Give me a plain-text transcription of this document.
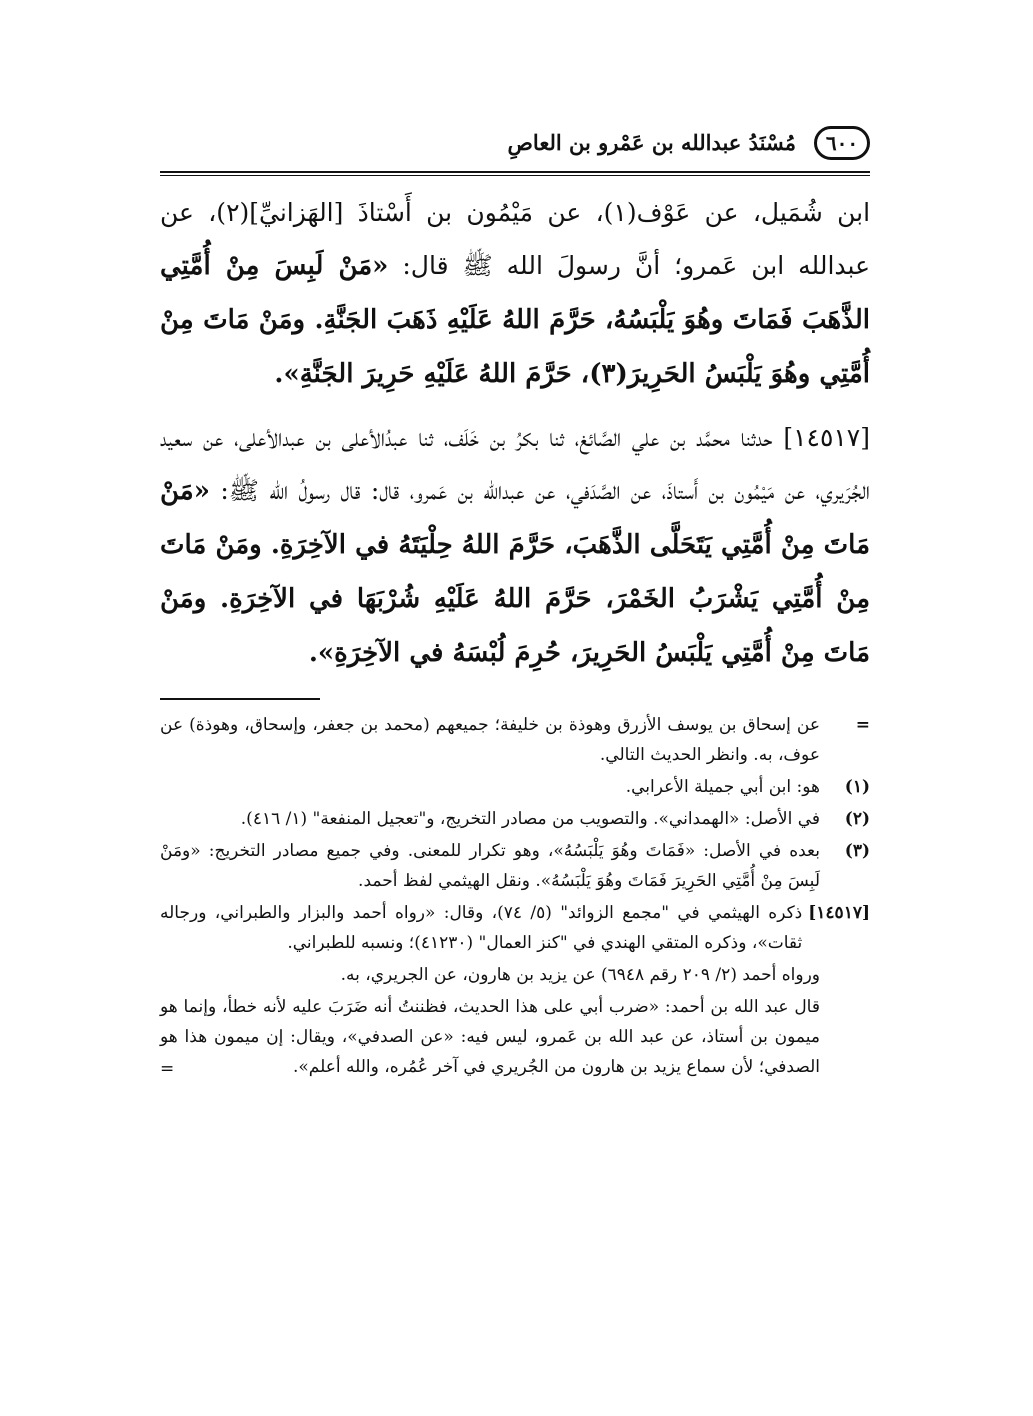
٦٠٠
مُسْنَدُ عبدالله بن عَمْرو بن العاصِ

ابن شُمَيل، عن عَوْف(١)، عن مَيْمُون بن أَسْتاذَ [الهَزانيِّ](٢)، عن عبدالله ابن عَمرو؛ أنَّ رسولَ الله ﷺ قال: «مَنْ لَبِسَ مِنْ أُمَّتِي الذَّهَبَ فَمَاتَ وهُوَ يَلْبَسُهُ، حَرَّمَ اللهُ عَلَيْهِ ذَهَبَ الجَنَّةِ. ومَنْ مَاتَ مِنْ أُمَّتِي وهُوَ يَلْبَسُ الحَرِيرَ(٣)، حَرَّمَ اللهُ عَلَيْهِ حَرِيرَ الجَنَّةِ».

[١٤٥١٧] حدثنا محمَّد بن علي الصَّائغ، ثنا بكرُ بن خَلَف، ثنا عبدُالأعلى بن عبدالأعلى، عن سعيد الجُرَيري، عن مَيْمُون بن أَستاذَ، عن الصَّدَفي، عن عبدالله بن عَمرو، قال: قال رسولُ الله ﷺ: «مَنْ مَاتَ مِنْ أُمَّتِي يَتَحَلَّى الذَّهَبَ، حَرَّمَ اللهُ حِلْيَتَهُ في الآخِرَةِ. ومَنْ مَاتَ مِنْ أُمَّتِي يَشْرَبُ الخَمْرَ، حَرَّمَ اللهُ عَلَيْهِ شُرْبَهَا في الآخِرَةِ. ومَنْ مَاتَ مِنْ أُمَّتِي يَلْبَسُ الحَرِيرَ، حُرِمَ لُبْسَهُ في الآخِرَةِ».

=
عن إسحاق بن يوسف الأزرق وهوذة بن خليفة؛ جميعهم (محمد بن جعفر، وإسحاق، وهوذة) عن عوف، به. وانظر الحديث التالي.
(١)
هو: ابن أبي جميلة الأعرابي.
(٢)
في الأصل: «الهمداني». والتصويب من مصادر التخريج، و"تعجيل المنفعة" (١/ ٤١٦).
(٣)
بعده في الأصل: «فَمَاتَ وهُوَ يَلْبَسُهُ»، وهو تكرار للمعنى. وفي جميع مصادر التخريج: «ومَنْ لَبِسَ مِنْ أُمَّتِي الحَرِيرَ فَمَاتَ وهُوَ يَلْبَسُهُ». ونقل الهيثمي لفظ أحمد.
[١٤٥١٧]
ذكره الهيثمي في "مجمع الزوائد" (٥/ ٧٤)، وقال: «رواه أحمد والبزار والطبراني، ورجاله ثقات»، وذكره المتقي الهندي في "كنز العمال" (٤١٢٣٠)؛ ونسبه للطبراني.

ورواه أحمد (٢/ ٢٠٩ رقم ٦٩٤٨) عن يزيد بن هارون، عن الجريري، به.

قال عبد الله بن أحمد: «ضرب أبي على هذا الحديث، فظننتُ أنه ضَرَبَ عليه لأنه خطأ، وإنما هو ميمون بن أستاذ، عن عبد الله بن عَمرو، ليس فيه: «عن الصدفي»، ويقال: إن ميمون هذا هو الصدفي؛ لأن سماع يزيد بن هارون من الجُريري في آخر عُمُره، والله أعلم».

=
